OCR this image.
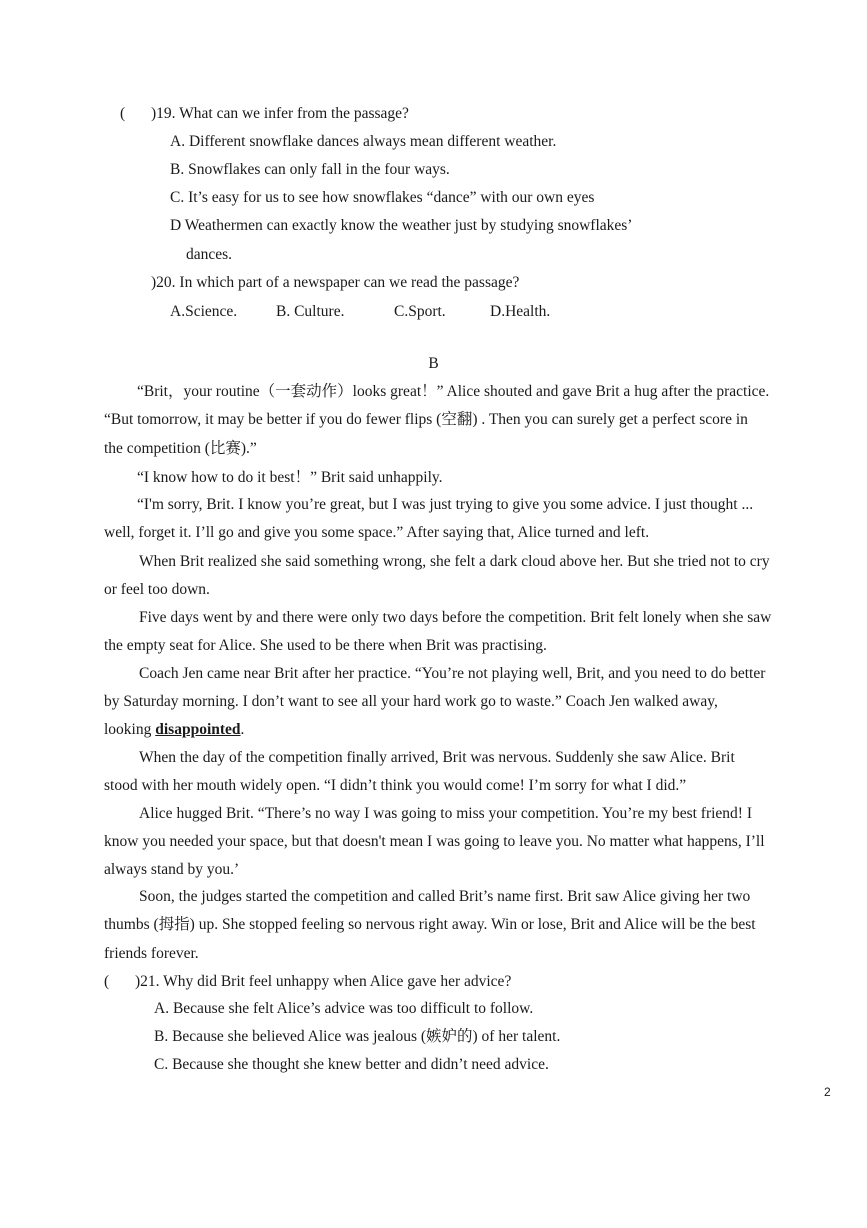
( )19. What can we infer from the passage?
A. Different snowflake dances always mean different weather.
B. Snowflakes can only fall in the four ways.
C. It’s easy for us to see how snowflakes “dance” with our own eyes
D Weathermen can exactly know the weather just by studying snowflakes’
dances.
)20. In which part of a newspaper can we read the passage?
A.Science.	B. Culture.	C.Sport.	D.Health.
B
“Brit，your routine（一套动作）looks great！” Alice shouted and gave Brit a hug after the practice.
“But tomorrow, it may be better if you do fewer flips (空翻) . Then you can surely get a perfect score in
the competition (比赛).”
“I know how to do it best！” Brit said unhappily.
“I'm sorry, Brit. I know you’re great, but I was just trying to give you some advice. I just thought ...
well, forget it. I’ll go and give you some space.” After saying that, Alice turned and left.
When Brit realized she said something wrong, she felt a dark cloud above her. But she tried not to cry
or feel too down.
Five days went by and there were only two days before the competition. Brit felt lonely when she saw
the empty seat for Alice. She used to be there when Brit was practising.
Coach Jen came near Brit after her practice. “You’re not playing well, Brit, and you need to do better
by Saturday morning. I don’t want to see all your hard work go to waste.” Coach Jen walked away,
looking disappointed.
When the day of the competition finally arrived, Brit was nervous. Suddenly she saw Alice. Brit
stood with her mouth widely open. “I didn’t think you would come! I’m sorry for what I did.”
Alice hugged Brit. “There’s no way I was going to miss your competition. You’re my best friend! I
know you needed your space, but that doesn't mean I was going to leave you. No matter what happens, I’ll
always stand by you.’
Soon, the judges started the competition and called Brit’s name first. Brit saw Alice giving her two
thumbs (拇指) up. She stopped feeling so nervous right away. Win or lose, Brit and Alice will be the best
friends forever.
( )21. Why did Brit feel unhappy when Alice gave her advice?
A. Because she felt Alice’s advice was too difficult to follow.
B. Because she believed Alice was jealous (嫉妒的) of her talent.
C. Because she thought she knew better and didn’t need advice.
2
